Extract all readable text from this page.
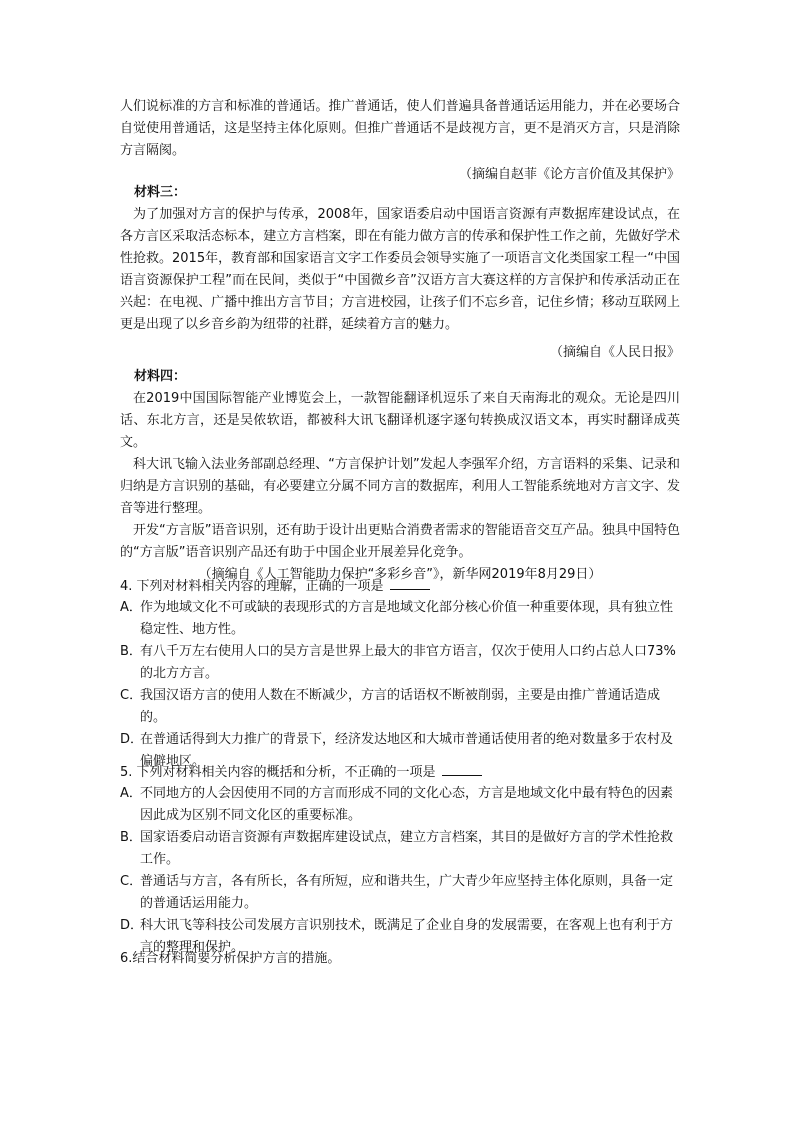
人们说标准的方言和标准的普通话。推广普通话，使人们普遍具备普通话运用能力，并在必要场合自觉使用普通话，这是坚持主体化原则。但推广普通话不是歧视方言，更不是消灭方言，只是消除方言隔阂。

（摘编自赵菲《论方言价值及其保护》

材料三：

为了加强对方言的保护与传承，2008年，国家语委启动中国语言资源有声数据库建设试点，在各方言区采取活态标本，建立方言档案，即在有能力做方言的传承和保护性工作之前，先做好学术性抢救。2015年，教育部和国家语言文字工作委员会领导实施了一项语言文化类国家工程一“中国语言资源保护工程”而在民间，类似于“中国微乡音”汉语方言大赛这样的方言保护和传承活动正在兴起：在电视、广播中推出方言节目；方言进校园，让孩子们不忘乡音，记住乡情；移动互联网上更是出现了以乡音乡韵为纽带的社群，延续着方言的魅力。

（摘编自《人民日报》

材料四：

在2019中国国际智能产业博览会上，一款智能翻译机逗乐了来自天南海北的观众。无论是四川话、东北方言，还是吴侬软语，都被科大讯飞翻译机逐字逐句转换成汉语文本，再实时翻译成英文。

科大讯飞输入法业务部副总经理、“方言保护计划”发起人李强军介绍，方言语料的采集、记录和归纳是方言识别的基础，有必要建立分属不同方言的数据库，利用人工智能系统地对方言文字、发音等进行整理。

开发“方言版”语音识别，还有助于设计出更贴合消费者需求的智能语音交互产品。独具中国特色的“方言版”语音识别产品还有助于中国企业开展差异化竞争。

（摘编自《人工智能助力保护“多彩乡音”》，新华网2019年8月29日）

4. 下列对材料相关内容的理解，正确的一项是

A．
作为地域文化不可或缺的表现形式的方言是地域文化部分核心价值一种重要体现，具有独立性稳定性、地方性。
B．
有八千万左右使用人口的吴方言是世界上最大的非官方语言，仅次于使用人口约占总人口73%的北方方言。
C．
我国汉语方言的使用人数在不断减少，方言的话语权不断被削弱，主要是由推广普通话造成的。
D．
在普通话得到大力推广的背景下，经济发达地区和大城市普通话使用者的绝对数量多于农村及偏僻地区。

5. 下列对材料相关内容的概括和分析，不正确的一项是

A．
不同地方的人会因使用不同的方言而形成不同的文化心态，方言是地域文化中最有特色的因素因此成为区别不同文化区的重要标准。
B．
国家语委启动语言资源有声数据库建设试点，建立方言档案，其目的是做好方言的学术性抢救工作。
C．
普通话与方言，各有所长，各有所短，应和谐共生，广大青少年应坚持主体化原则，具备一定的普通话运用能力。
D．
科大讯飞等科技公司发展方言识别技术，既满足了企业自身的发展需要，在客观上也有利于方言的整理和保护。

6.结合材料简要分析保护方言的措施。
